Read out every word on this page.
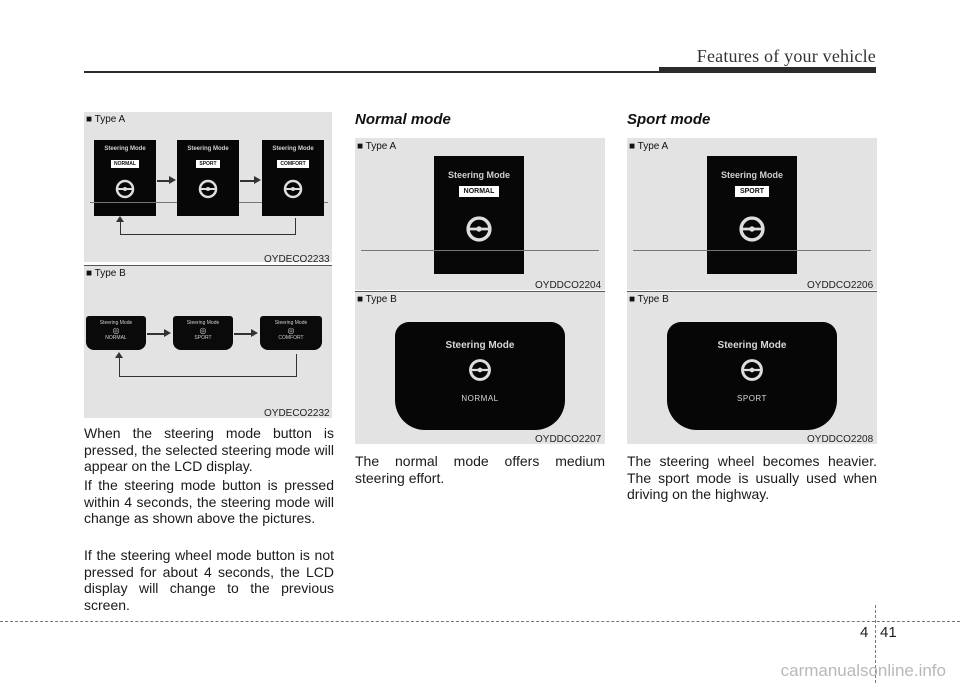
Features of your vehicle
■ Type A
Steering Mode
NORMAL
Steering Mode
SPORT
Steering Mode
COMFORT
OYDECO2233
■ Type B
Steering Mode
◎
NORMAL
Steering Mode
◎
SPORT
Steering Mode
◎
COMFORT
OYDECO2232
When the steering mode button is pressed, the selected steering mode will appear on the LCD display.
If the steering mode button is pressed within 4 seconds, the steering mode will change as shown above the pictures.
If the steering wheel mode button is not pressed for about 4 seconds, the LCD display will change to the previous screen.
Normal mode
■ Type A
Steering Mode
NORMAL
OYDDCO2204
■ Type B
Steering Mode
NORMAL
OYDDCO2207
The normal mode offers medium steering effort.
Sport mode
■ Type A
Steering Mode
SPORT
OYDDCO2206
■ Type B
Steering Mode
SPORT
OYDDCO2208
The steering wheel becomes heavier. The sport mode is usually used when driving on the highway.
4 41
carmanualsonline.info
